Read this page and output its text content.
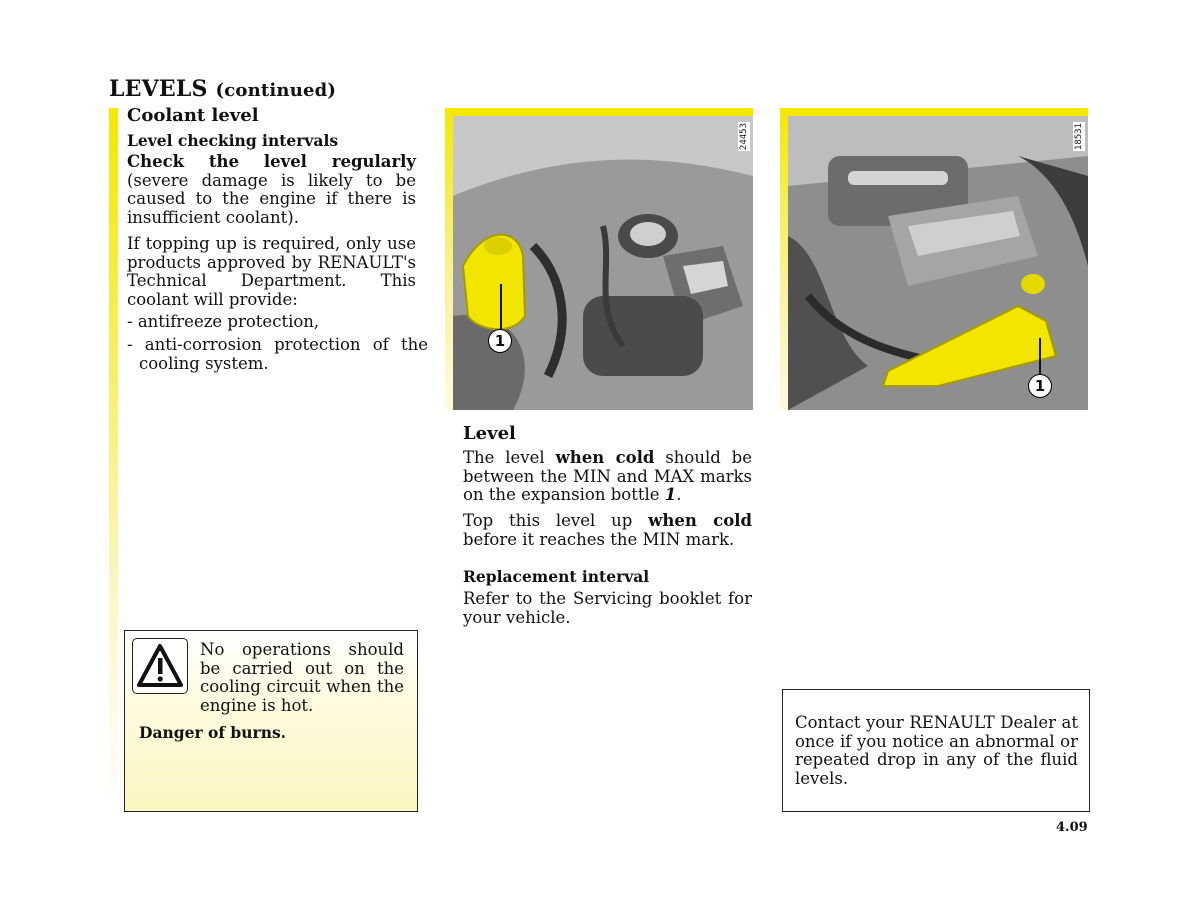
LEVELS (continued)
Coolant level
Level checking intervals
Check the level regularly (severe damage is likely to be caused to the engine if there is insufficient coolant).
If topping up is required, only use products approved by RENAULT's Technical Department. This coolant will provide:
- antifreeze protection,
- anti-corrosion protection of the cooling system.
No operations should be carried out on the cooling circuit when the engine is hot.
Danger of burns.
24453
1
18531
1
Level
The level when cold should be between the MIN and MAX marks on the expansion bottle 1.
Top this level up when cold before it reaches the MIN mark.
Replacement interval
Refer to the Servicing booklet for your vehicle.
Contact your RENAULT Dealer at once if you notice an abnormal or repeated drop in any of the fluid levels.
4.09
